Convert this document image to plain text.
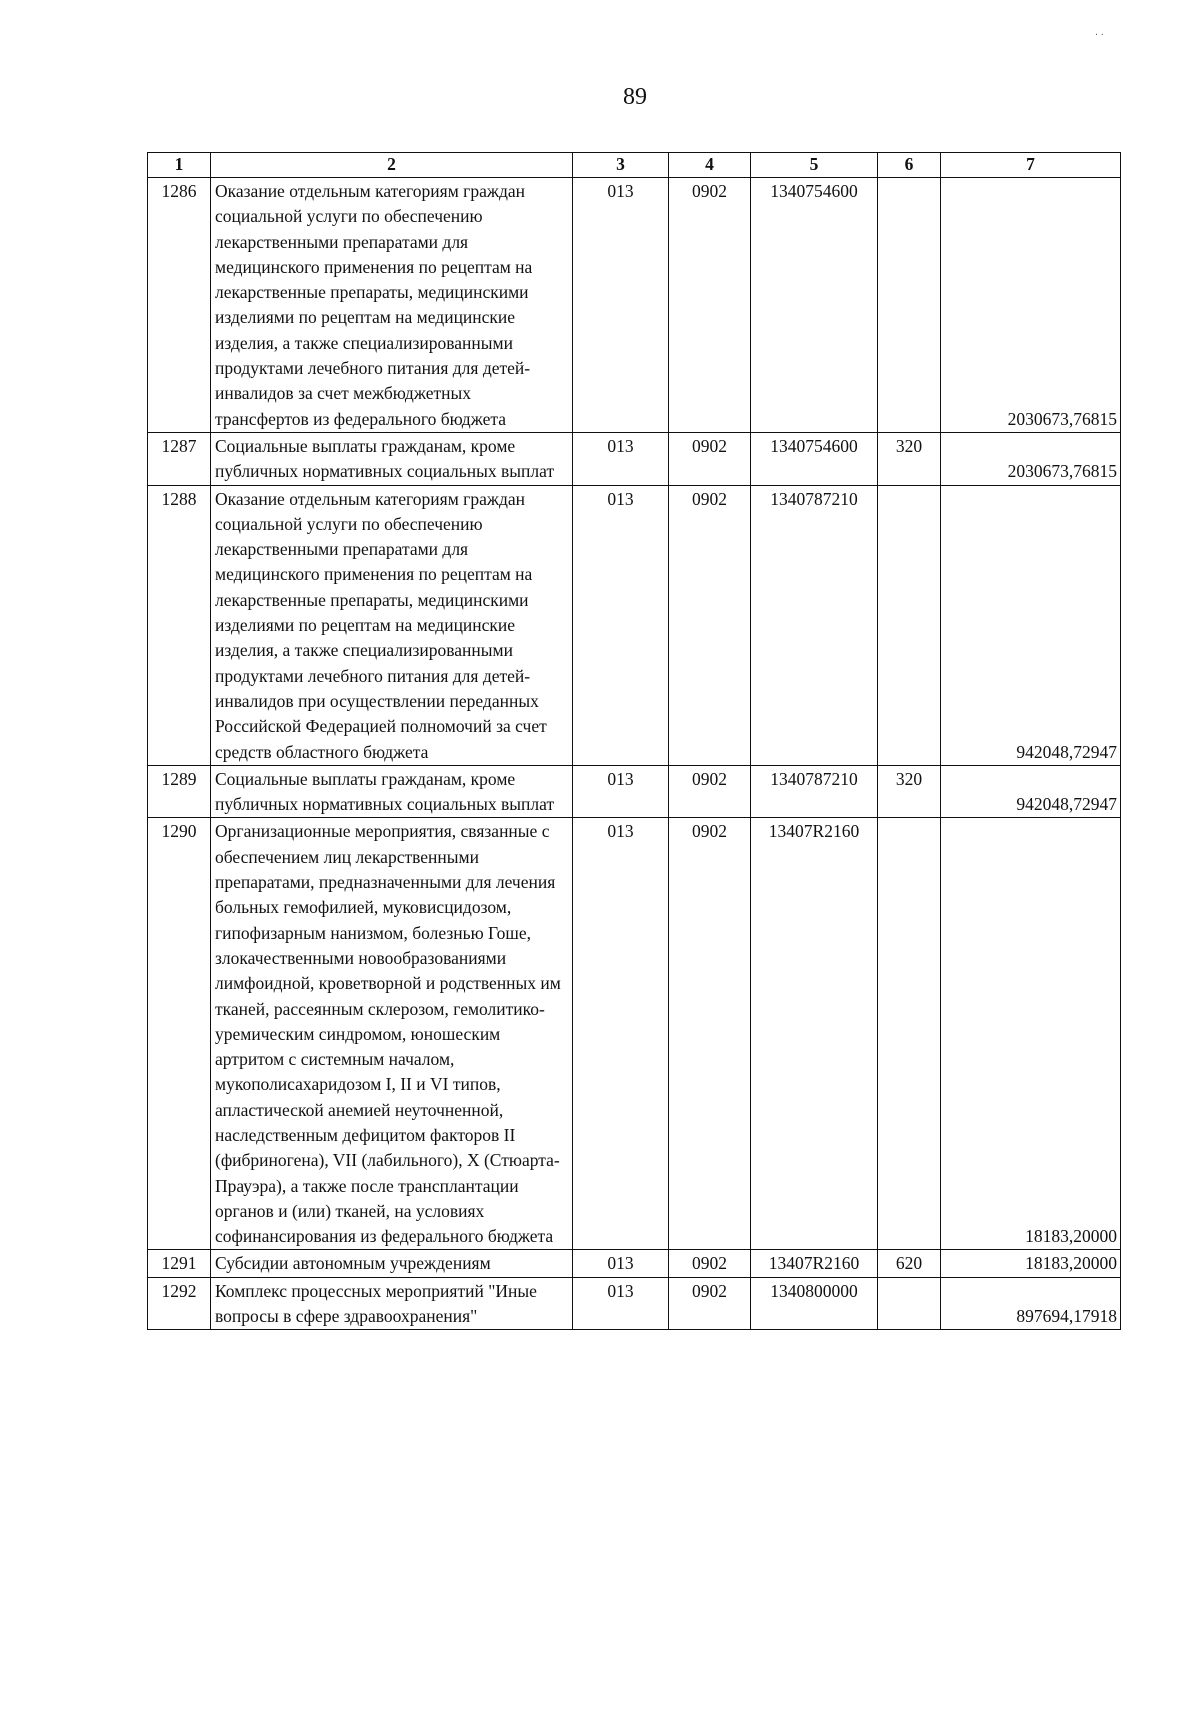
· ·
89
1	2	3	4	5	6	7
1286	Оказание отдельным категориям граждан социальной услуги по обеспечению лекарственными препаратами для медицинского применения по рецептам на лекарственные препараты, медицинскими изделиями по рецептам на медицинские изделия, а также специализированными продуктами лечебного питания для детей-инвалидов за счет межбюджетных трансфертов из федерального бюджета	013	0902	1340754600		2030673,76815
1287	Социальные выплаты гражданам, кроме публичных нормативных социальных выплат	013	0902	1340754600	320	2030673,76815
1288	Оказание отдельным категориям граждан социальной услуги по обеспечению лекарственными препаратами для медицинского применения по рецептам на лекарственные препараты, медицинскими изделиями по рецептам на медицинские изделия, а также специализированными продуктами лечебного питания для детей-инвалидов при осуществлении переданных Российской Федерацией полномочий за счет средств областного бюджета	013	0902	1340787210		942048,72947
1289	Социальные выплаты гражданам, кроме публичных нормативных социальных выплат	013	0902	1340787210	320	942048,72947
1290	Организационные мероприятия, связанные с обеспечением лиц лекарственными препаратами, предназначенными для лечения больных гемофилией, муковисцидозом, гипофизарным нанизмом, болезнью Гоше, злокачественными новообразованиями лимфоидной, кроветворной и родственных им тканей, рассеянным склерозом, гемолитико-уремическим синдромом, юношеским артритом с системным началом, мукополисахаридозом I, II и VI типов, апластической анемией неуточненной, наследственным дефицитом факторов II (фибриногена), VII (лабильного), X (Стюарта-Прауэра), а также после трансплантации органов и (или) тканей, на условиях софинансирования из федерального бюджета	013	0902	13407R2160		18183,20000
1291	Субсидии автономным учреждениям	013	0902	13407R2160	620	18183,20000
1292	Комплекс процессных мероприятий "Иные вопросы в сфере здравоохранения"	013	0902	1340800000		897694,17918
